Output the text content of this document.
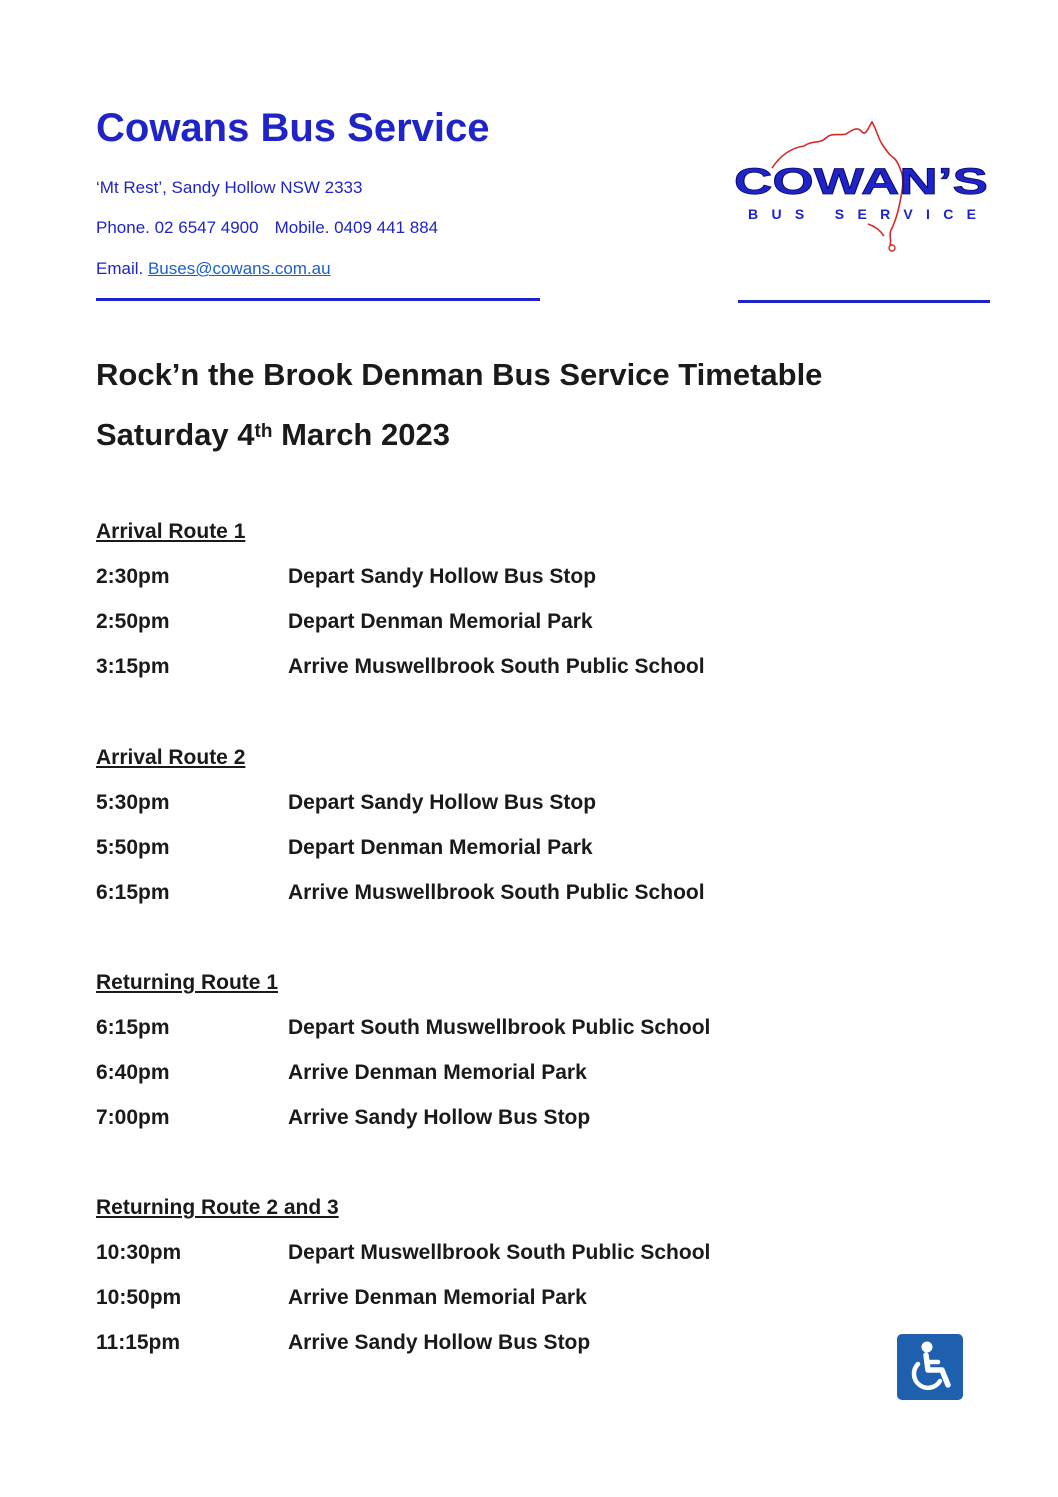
Cowans Bus Service
‘Mt Rest’, Sandy Hollow NSW 2333
Phone. 02 6547 4900 Mobile. 0409 441 884
Email. Buses@cowans.com.au
COWAN’S
BUS SERVICE
Rock’n the Brook Denman Bus Service Timetable
Saturday 4th March 2023
Arrival Route 1
2:30pm	Depart Sandy Hollow Bus Stop
2:50pm	Depart Denman Memorial Park
3:15pm	Arrive Muswellbrook South Public School
Arrival Route 2
5:30pm	Depart Sandy Hollow Bus Stop
5:50pm	Depart Denman Memorial Park
6:15pm	Arrive Muswellbrook South Public School
Returning Route 1
6:15pm	Depart South Muswellbrook Public School
6:40pm	Arrive Denman Memorial Park
7:00pm	Arrive Sandy Hollow Bus Stop
Returning Route 2 and 3
10:30pm	Depart Muswellbrook South Public School
10:50pm	Arrive Denman Memorial Park
11:15pm	Arrive Sandy Hollow Bus Stop
